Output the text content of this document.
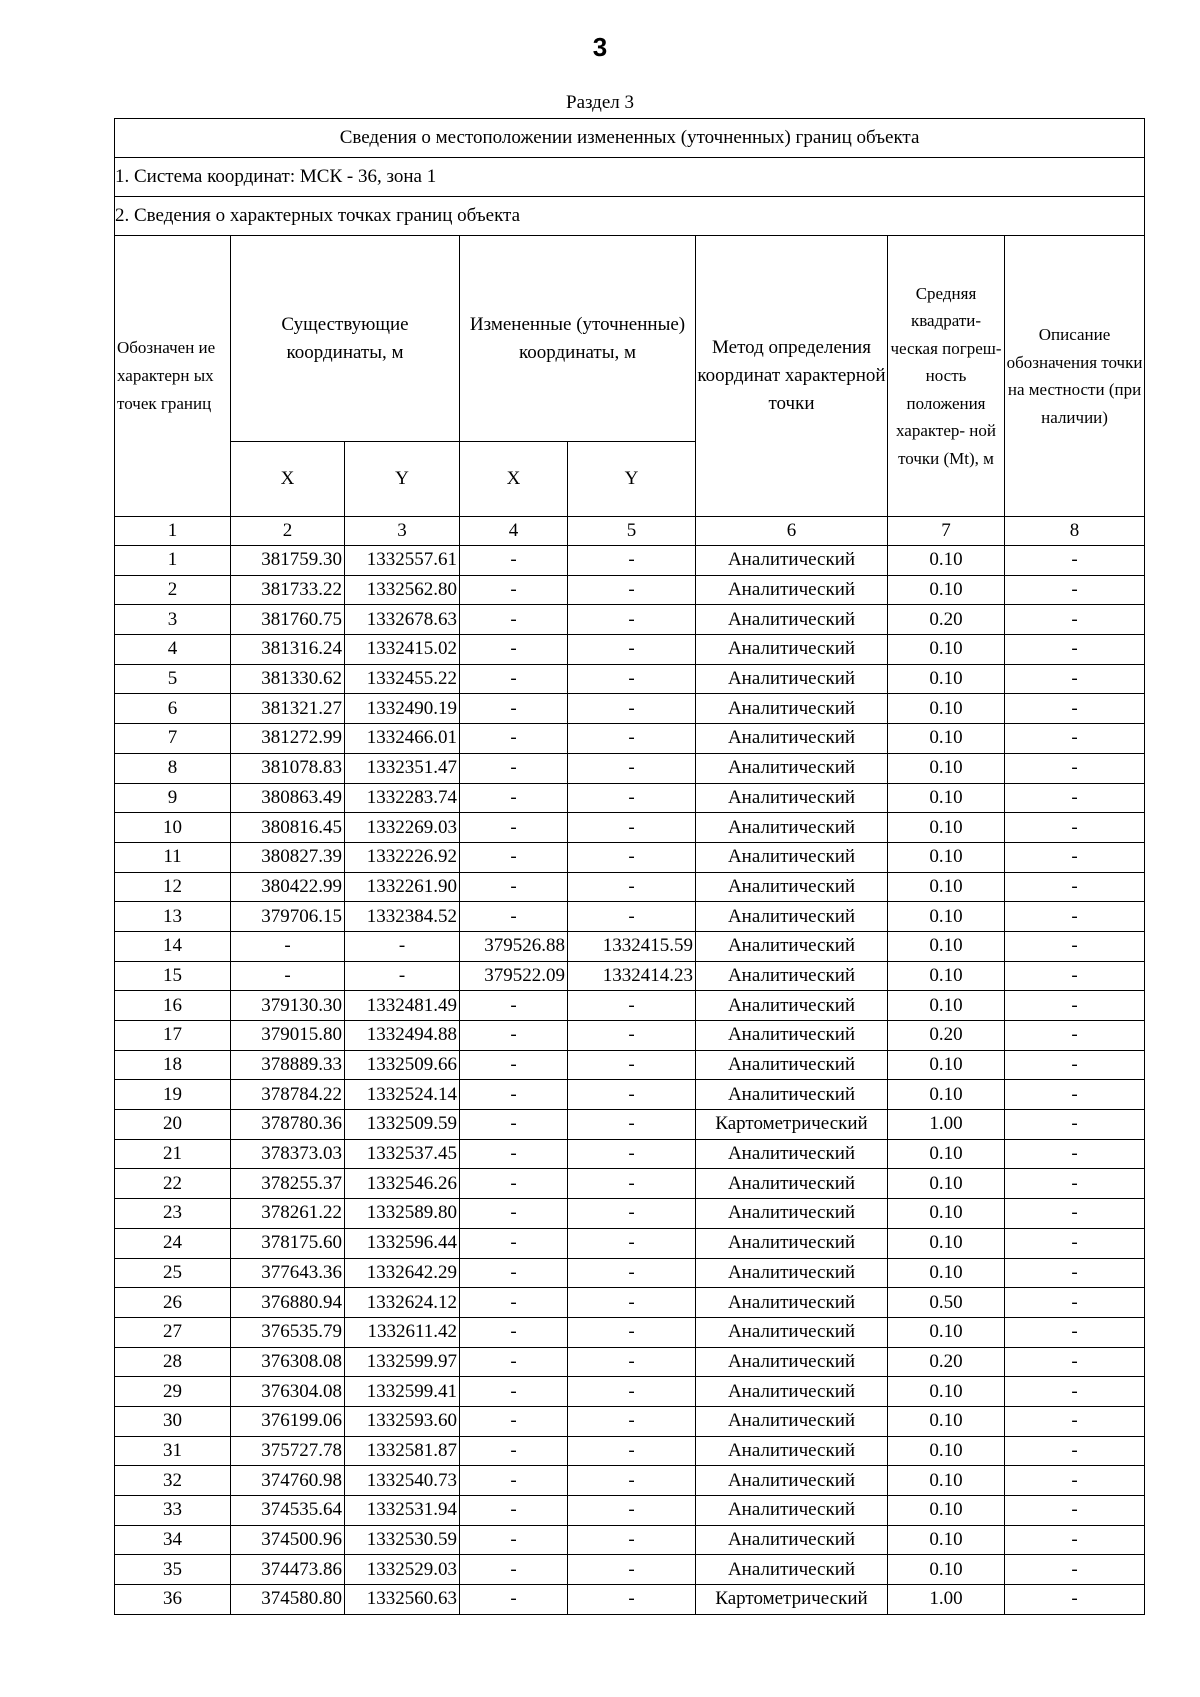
3
Раздел 3
Сведения о местоположении измененных (уточненных) границ объекта							
1. Система координат: МСК - 36, зона 1							
2. Сведения о характерных точках границ объекта							
Обозначен ие характерн ых точек границ	Существующие координаты, м		Измененные (уточненные) координаты, м		Метод определения координат характерной точки	Средняя квадрати- ческая погреш- ность положения характер- ной точки (Mt), м	Описание обозначения точки на местности (при наличии)
	X	Y	X	Y			
1	2	3	4	5	6	7	8
1	381759.30	1332557.61	-	-	Аналитический	0.10	-
2	381733.22	1332562.80	-	-	Аналитический	0.10	-
3	381760.75	1332678.63	-	-	Аналитический	0.20	-
4	381316.24	1332415.02	-	-	Аналитический	0.10	-
5	381330.62	1332455.22	-	-	Аналитический	0.10	-
6	381321.27	1332490.19	-	-	Аналитический	0.10	-
7	381272.99	1332466.01	-	-	Аналитический	0.10	-
8	381078.83	1332351.47	-	-	Аналитический	0.10	-
9	380863.49	1332283.74	-	-	Аналитический	0.10	-
10	380816.45	1332269.03	-	-	Аналитический	0.10	-
11	380827.39	1332226.92	-	-	Аналитический	0.10	-
12	380422.99	1332261.90	-	-	Аналитический	0.10	-
13	379706.15	1332384.52	-	-	Аналитический	0.10	-
14	-	-	379526.88	1332415.59	Аналитический	0.10	-
15	-	-	379522.09	1332414.23	Аналитический	0.10	-
16	379130.30	1332481.49	-	-	Аналитический	0.10	-
17	379015.80	1332494.88	-	-	Аналитический	0.20	-
18	378889.33	1332509.66	-	-	Аналитический	0.10	-
19	378784.22	1332524.14	-	-	Аналитический	0.10	-
20	378780.36	1332509.59	-	-	Картометрический	1.00	-
21	378373.03	1332537.45	-	-	Аналитический	0.10	-
22	378255.37	1332546.26	-	-	Аналитический	0.10	-
23	378261.22	1332589.80	-	-	Аналитический	0.10	-
24	378175.60	1332596.44	-	-	Аналитический	0.10	-
25	377643.36	1332642.29	-	-	Аналитический	0.10	-
26	376880.94	1332624.12	-	-	Аналитический	0.50	-
27	376535.79	1332611.42	-	-	Аналитический	0.10	-
28	376308.08	1332599.97	-	-	Аналитический	0.20	-
29	376304.08	1332599.41	-	-	Аналитический	0.10	-
30	376199.06	1332593.60	-	-	Аналитический	0.10	-
31	375727.78	1332581.87	-	-	Аналитический	0.10	-
32	374760.98	1332540.73	-	-	Аналитический	0.10	-
33	374535.64	1332531.94	-	-	Аналитический	0.10	-
34	374500.96	1332530.59	-	-	Аналитический	0.10	-
35	374473.86	1332529.03	-	-	Аналитический	0.10	-
36	374580.80	1332560.63	-	-	Картометрический	1.00	-
